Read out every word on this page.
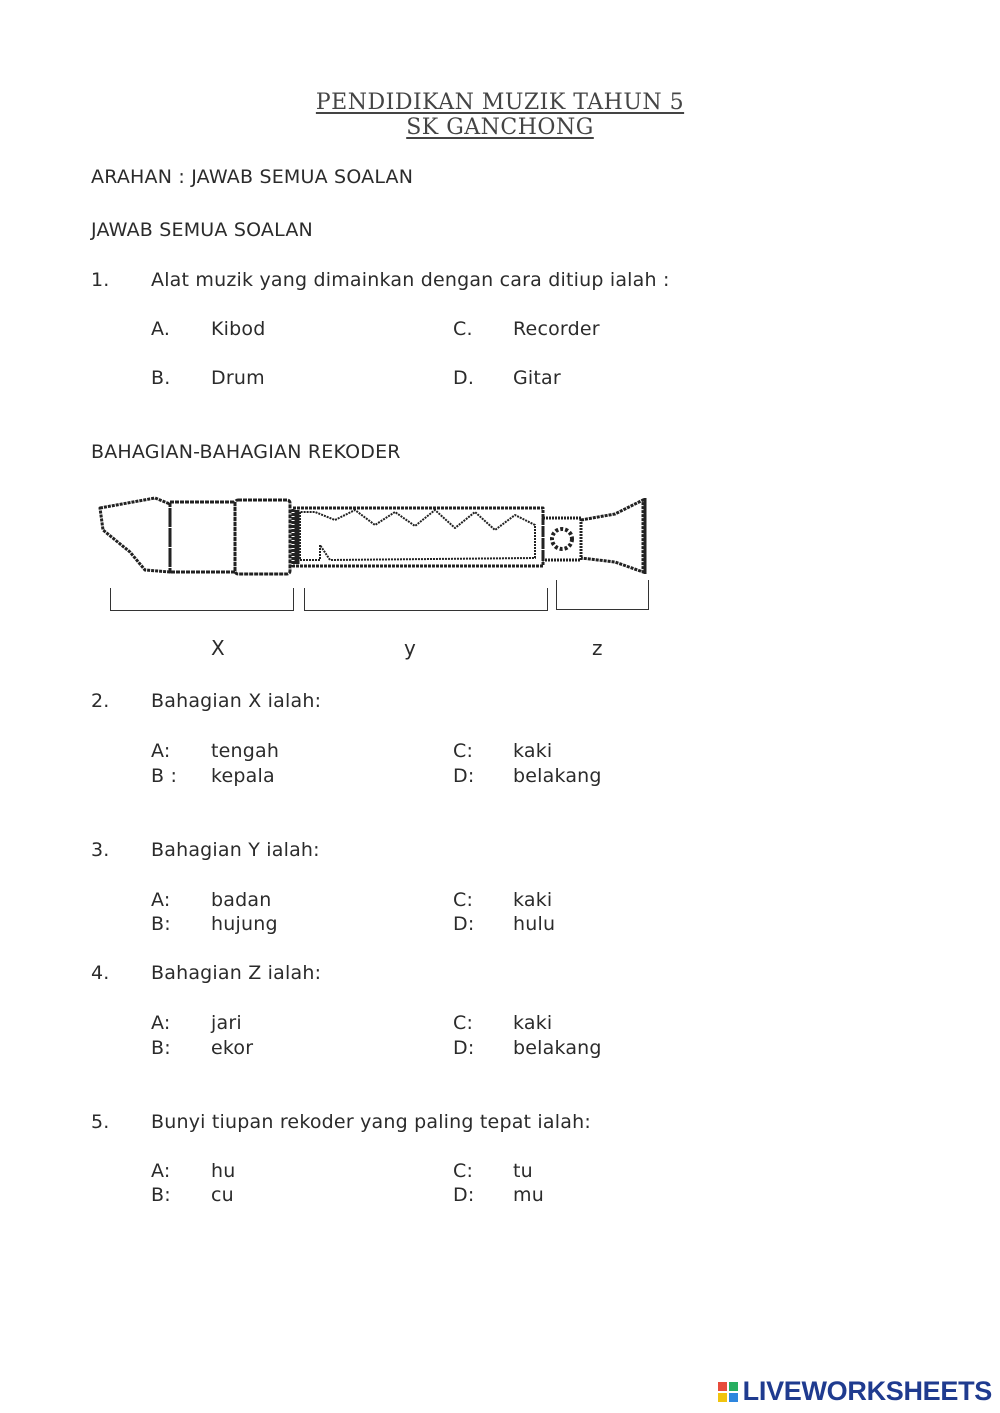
PENDIDIKAN MUZIK TAHUN 5
SK GANCHONG
ARAHAN : JAWAB SEMUA SOALAN
JAWAB SEMUA SOALAN
1. Alat muzik yang dimainkan dengan cara ditiup ialah :
A. Kibod
B. Drum
C. Recorder
D. Gitar
BAHAGIAN-BAHAGIAN REKODER
X	y	z
2. Bahagian X ialah:
A: tengah
B : kepala
C: kaki
D: belakang
3. Bahagian Y ialah:
A: badan
B: hujung
C: kaki
D: hulu
4. Bahagian Z ialah:
A: jari
B: ekor
C: kaki
D: belakang
5. Bunyi tiupan rekoder yang paling tepat ialah:
A: hu
B: cu
C: tu
D: mu
LIVEWORKSHEETS
